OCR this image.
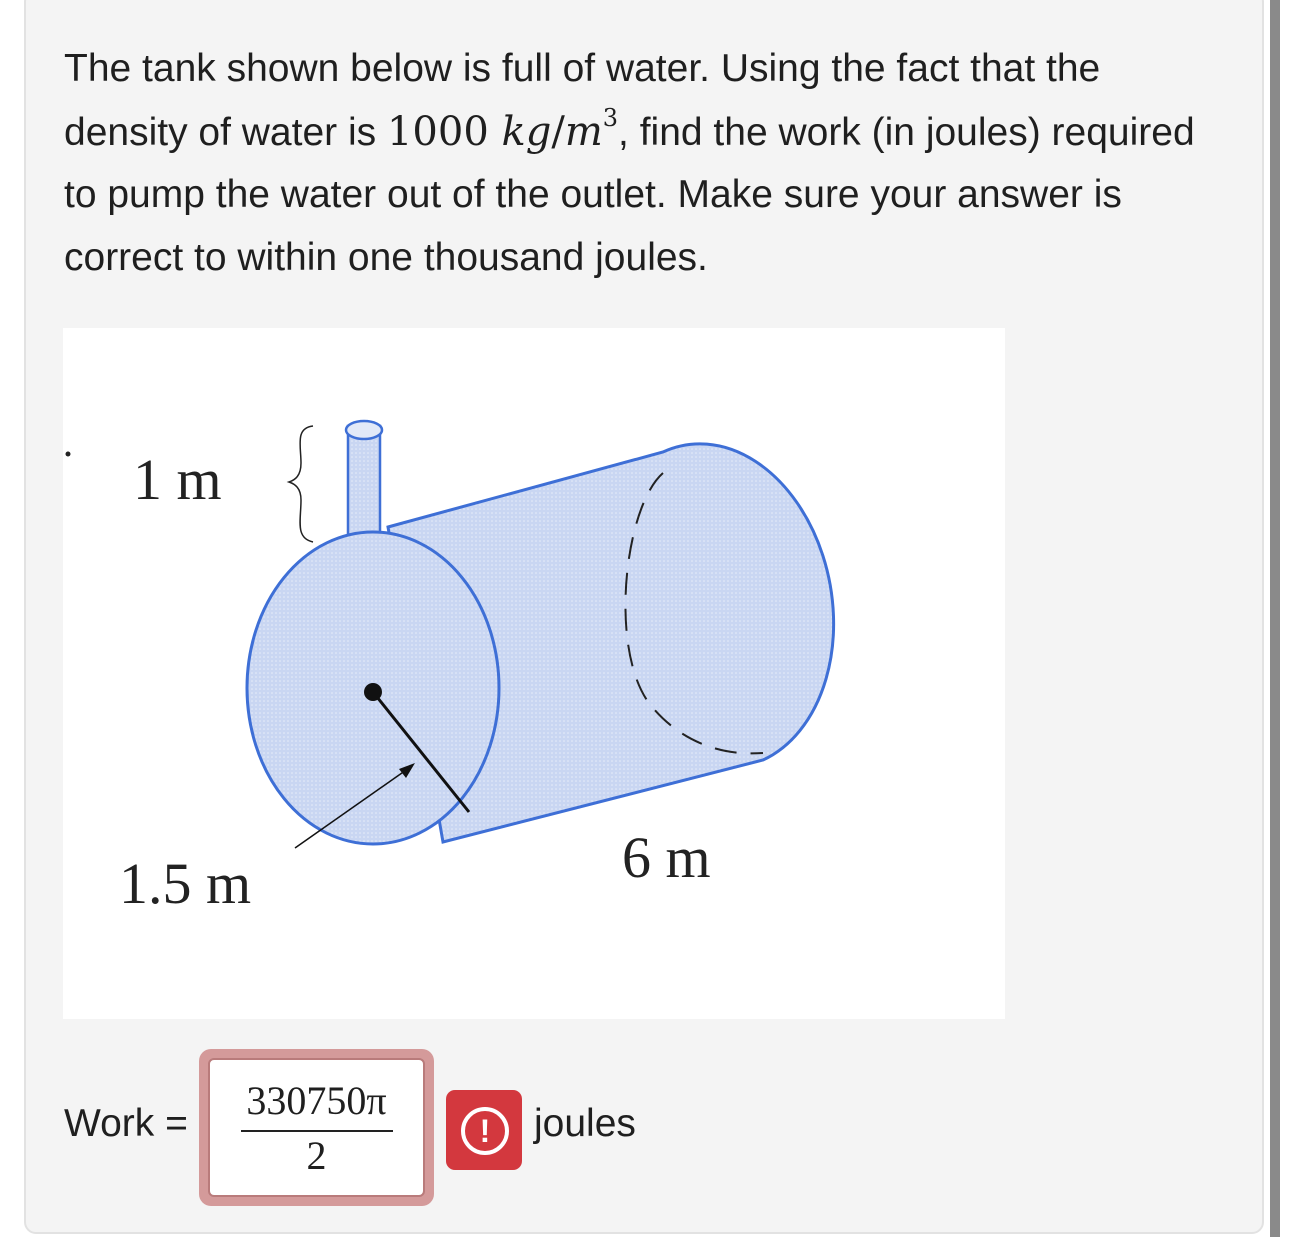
The tank shown below is full of water. Using the fact that the density of water is 1000 $kg/m^3$, find the work (in joules) required to pump the water out of the outlet. Make sure your answer is correct to within one thousand joules.

1 m
1.5 m	6 m
Work =
330750π
2
!	joules
